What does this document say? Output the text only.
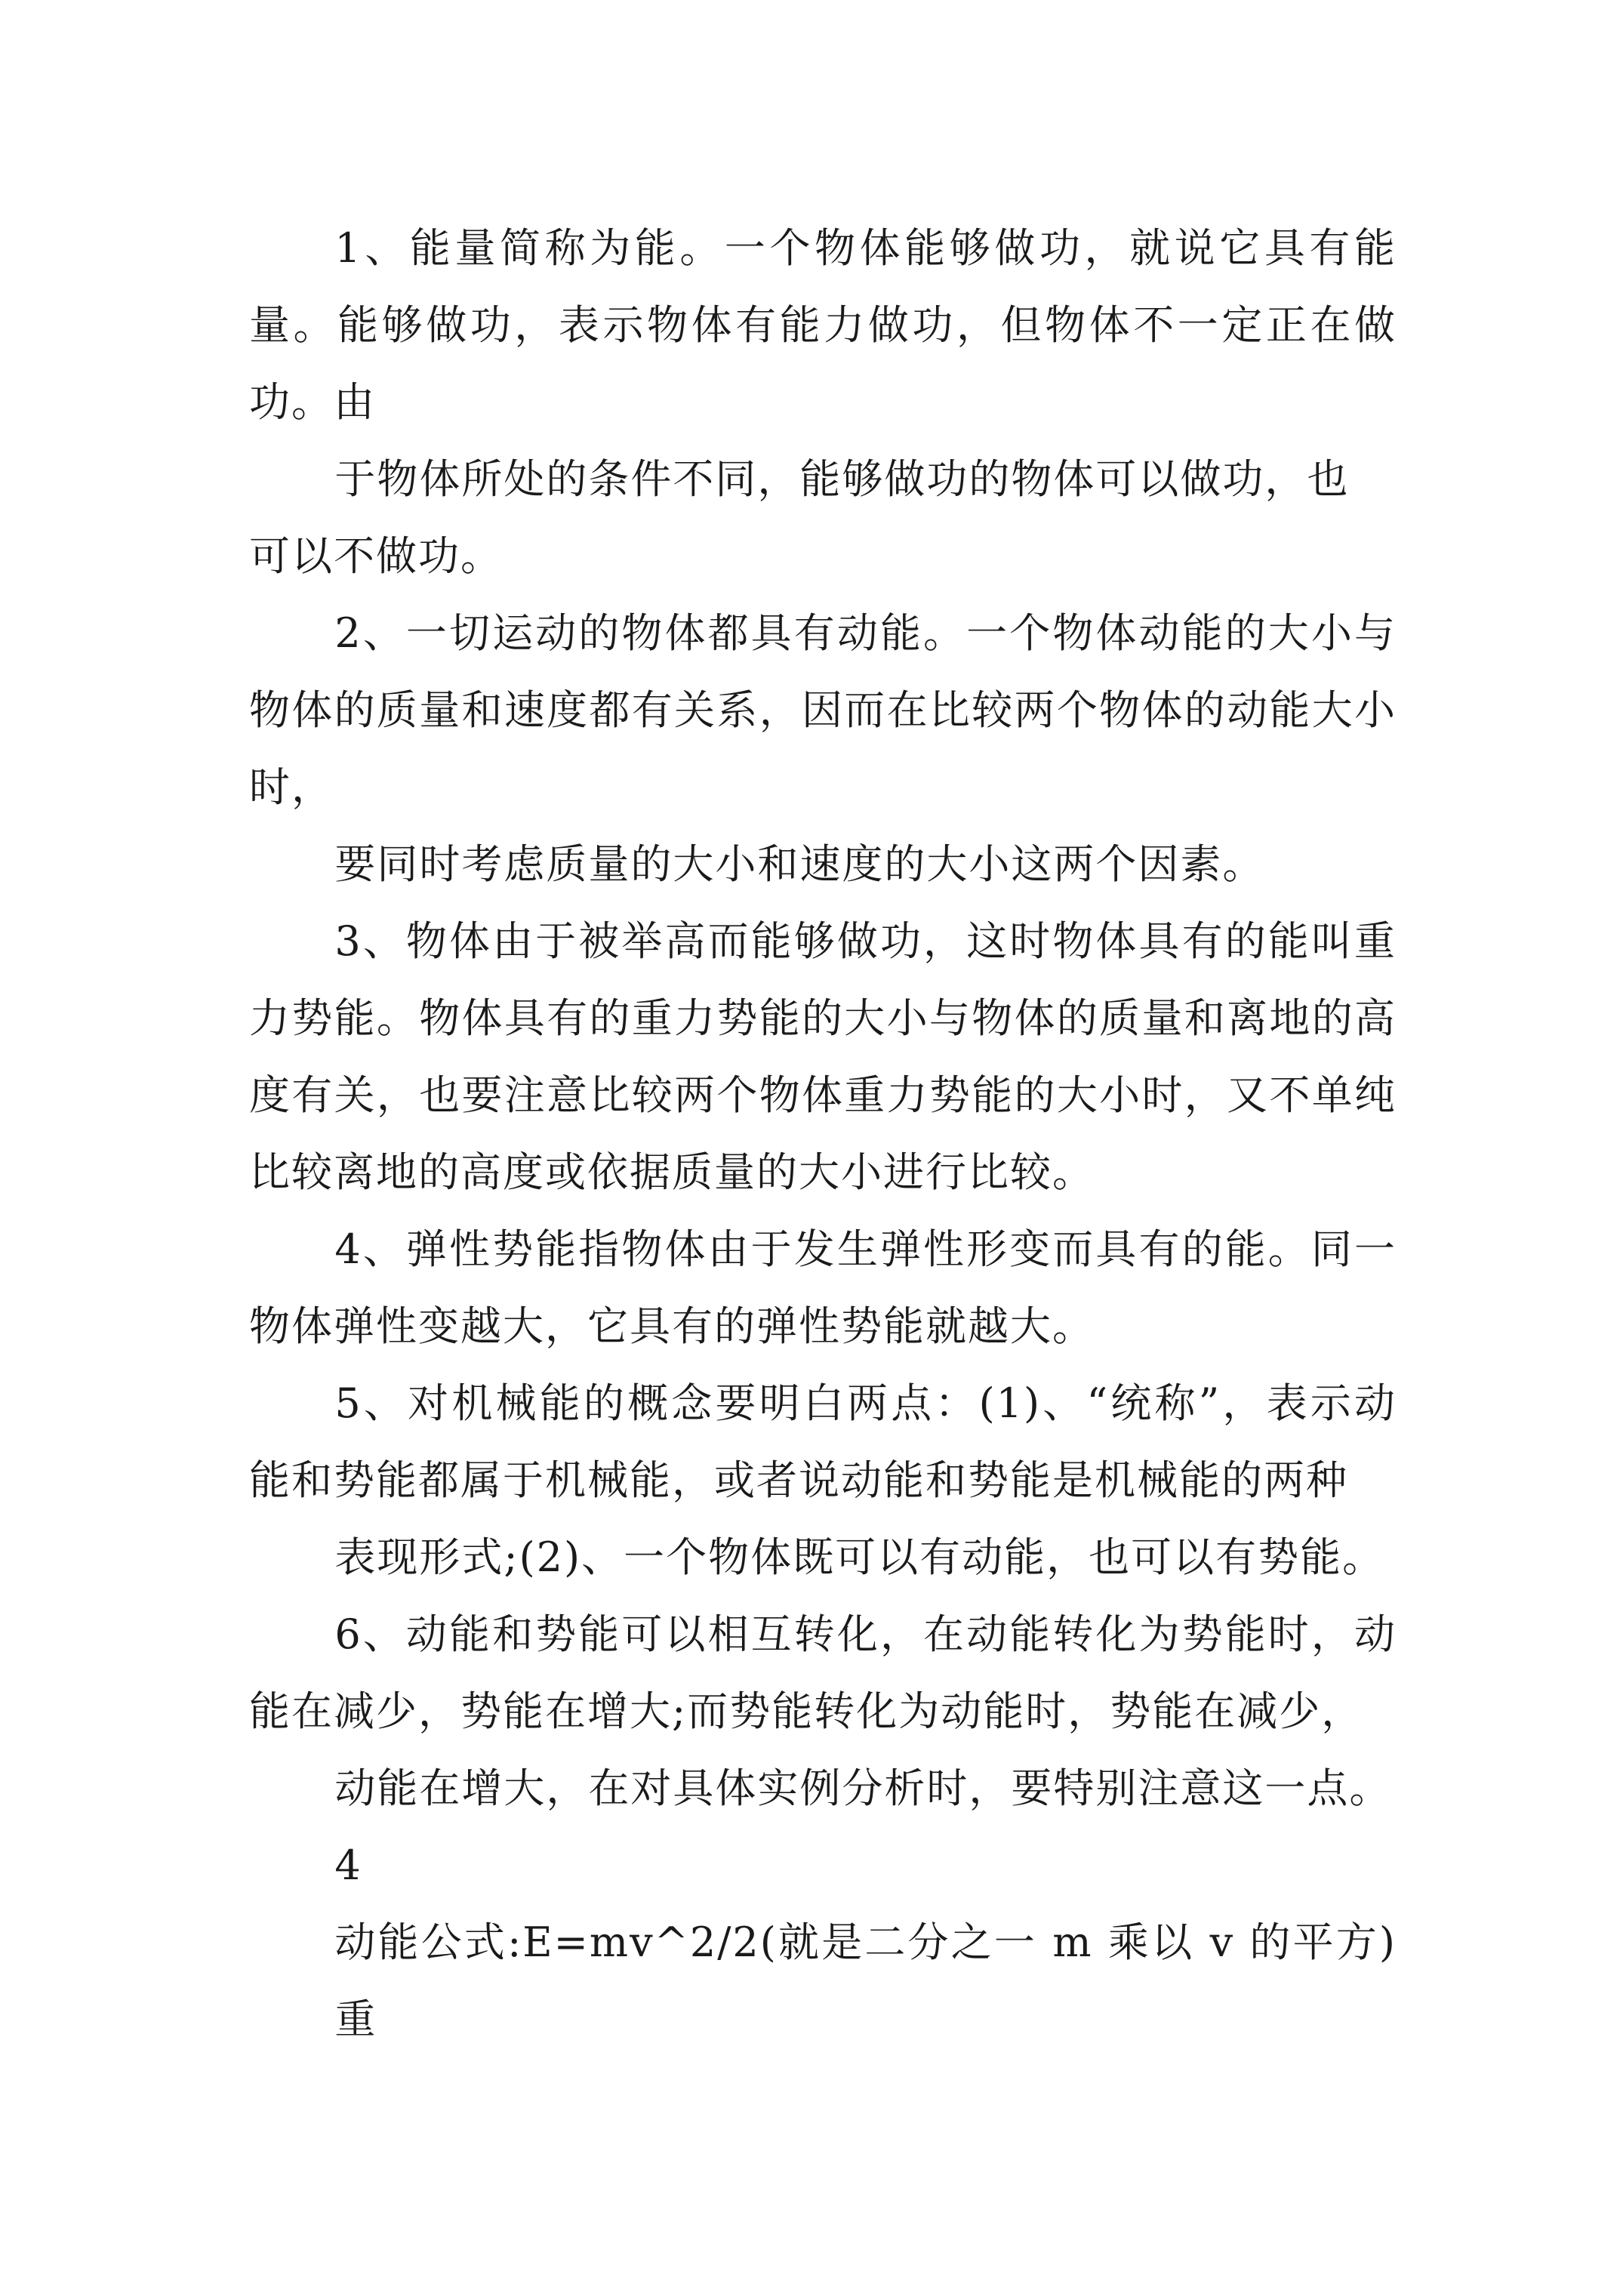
1、能量简称为能。一个物体能够做功，就说它具有能量。能够做功，表示物体有能力做功，但物体不一定正在做功。由

于物体所处的条件不同，能够做功的物体可以做功，也

可以不做功。

2、一切运动的物体都具有动能。一个物体动能的大小与物体的质量和速度都有关系，因而在比较两个物体的动能大小时，

要同时考虑质量的大小和速度的大小这两个因素。

3、物体由于被举高而能够做功，这时物体具有的能叫重力势能。物体具有的重力势能的大小与物体的质量和离地的高度有关，也要注意比较两个物体重力势能的大小时，又不单纯比较离地的高度或依据质量的大小进行比较。

4、弹性势能指物体由于发生弹性形变而具有的能。同一物体弹性变越大，它具有的弹性势能就越大。

5、对机械能的概念要明白两点：(1)、“统称”，表示动能和势能都属于机械能，或者说动能和势能是机械能的两种

表现形式;(2)、一个物体既可以有动能，也可以有势能。

6、动能和势能可以相互转化，在动能转化为势能时，动能在减少，势能在增大;而势能转化为动能时，势能在减少，

动能在增大，在对具体实例分析时，要特别注意这一点。

4

动能公式:E=mv^2/2(就是二分之一 m 乘以 v 的平方)重
